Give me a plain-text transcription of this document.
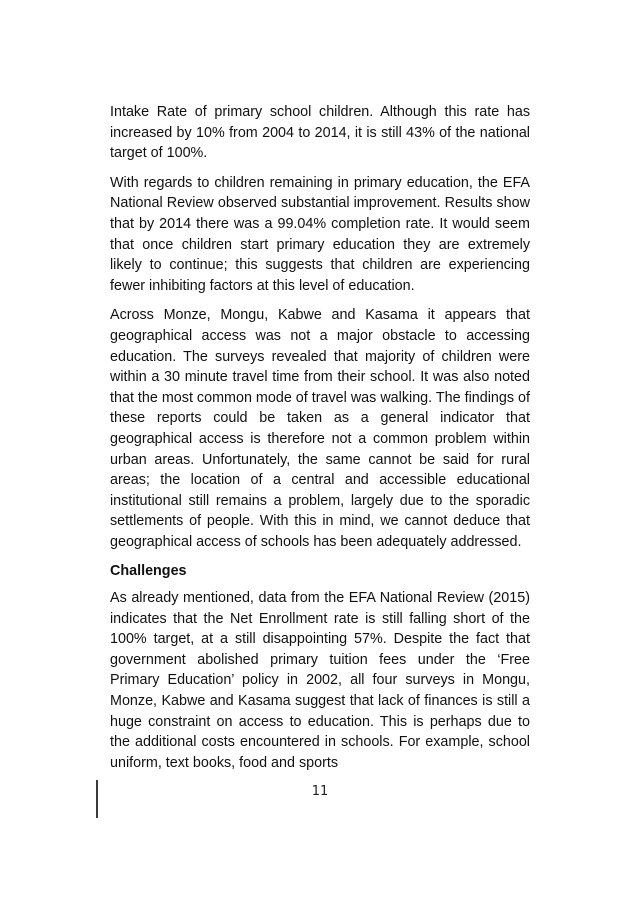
Intake Rate of primary school children. Although this rate has increased by 10% from 2004 to 2014, it is still 43% of the national target of 100%.

With regards to children remaining in primary education, the EFA National Review observed substantial improvement. Results show that by 2014 there was a 99.04% completion rate. It would seem that once children start primary education they are extremely likely to continue; this suggests that children are experiencing fewer inhibiting factors at this level of education.

Across Monze, Mongu, Kabwe and Kasama it appears that geographical access was not a major obstacle to accessing education. The surveys revealed that majority of children were within a 30 minute travel time from their school. It was also noted that the most common mode of travel was walking. The findings of these reports could be taken as a general indicator that geographical access is therefore not a common problem within urban areas. Unfortunately, the same cannot be said for rural areas; the location of a central and accessible educational institutional still remains a problem, largely due to the sporadic settlements of people. With this in mind, we cannot deduce that geographical access of schools has been adequately addressed.

Challenges

As already mentioned, data from the EFA National Review (2015) indicates that the Net Enrollment rate is still falling short of the 100% target, at a still disappointing 57%. Despite the fact that government abolished primary tuition fees under the ‘Free Primary Education’ policy in 2002, all four surveys in Mongu, Monze, Kabwe and Kasama suggest that lack of finances is still a huge constraint on access to education. This is perhaps due to the additional costs encountered in schools. For example, school uniform, text books, food and sports

11
